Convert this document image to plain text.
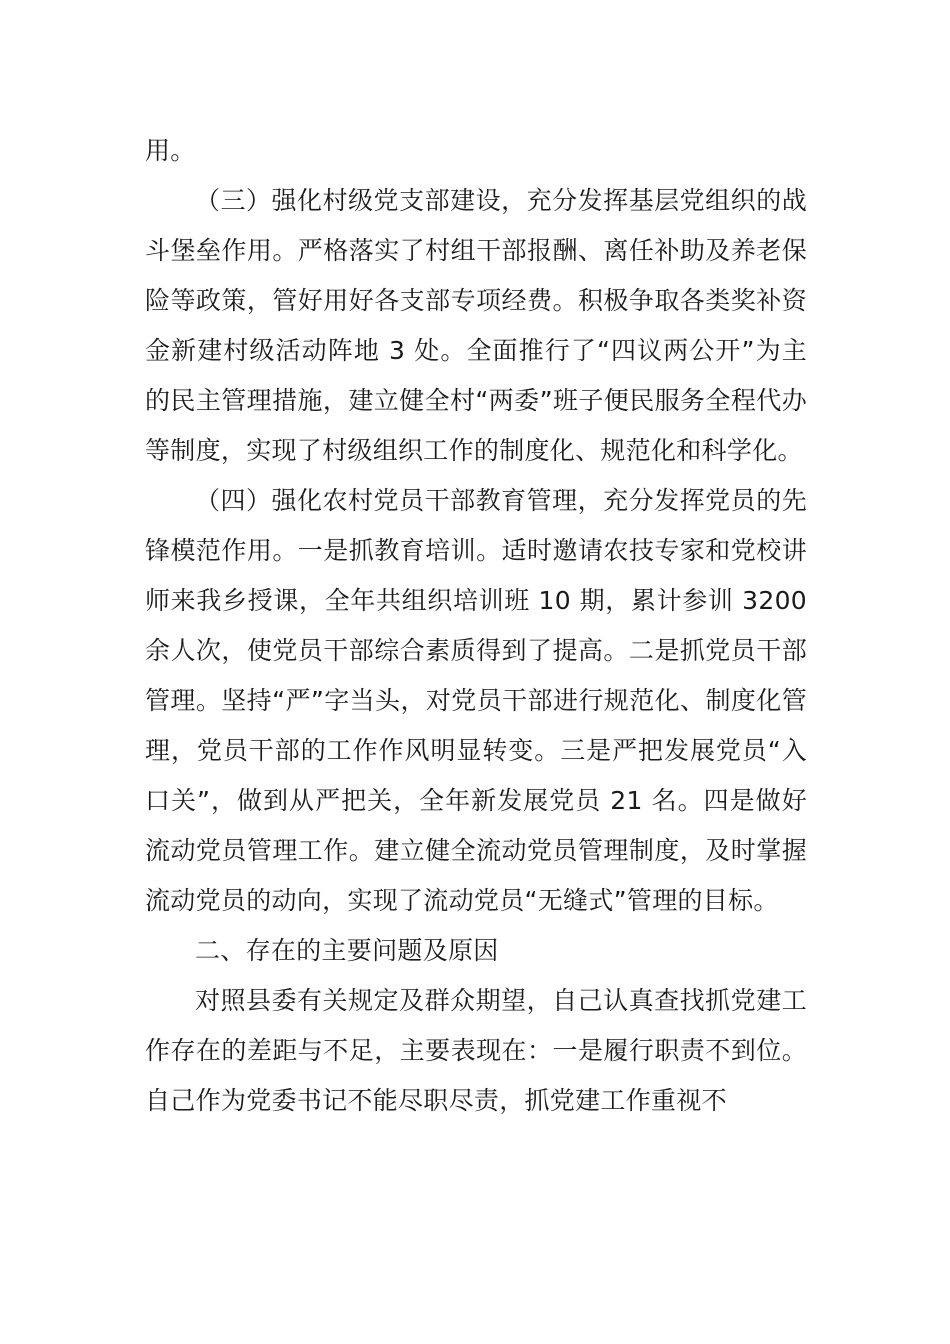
用。

（三）强化村级党支部建设，充分发挥基层党组织的战斗堡垒作用。严格落实了村组干部报酬、离任补助及养老保险等政策，管好用好各支部专项经费。积极争取各类奖补资金新建村级活动阵地 3 处。全面推行了“四议两公开”为主的民主管理措施，建立健全村“两委”班子便民服务全程代办等制度，实现了村级组织工作的制度化、规范化和科学化。

（四）强化农村党员干部教育管理，充分发挥党员的先锋模范作用。一是抓教育培训。适时邀请农技专家和党校讲师来我乡授课，全年共组织培训班 10 期，累计参训 3200 余人次，使党员干部综合素质得到了提高。二是抓党员干部管理。坚持“严”字当头，对党员干部进行规范化、制度化管理，党员干部的工作作风明显转变。三是严把发展党员“入口关”，做到从严把关，全年新发展党员 21 名。四是做好流动党员管理工作。建立健全流动党员管理制度，及时掌握流动党员的动向，实现了流动党员“无缝式”管理的目标。

二、存在的主要问题及原因

对照县委有关规定及群众期望，自己认真查找抓党建工作存在的差距与不足，主要表现在：一是履行职责不到位。自己作为党委书记不能尽职尽责，抓党建工作重视不
